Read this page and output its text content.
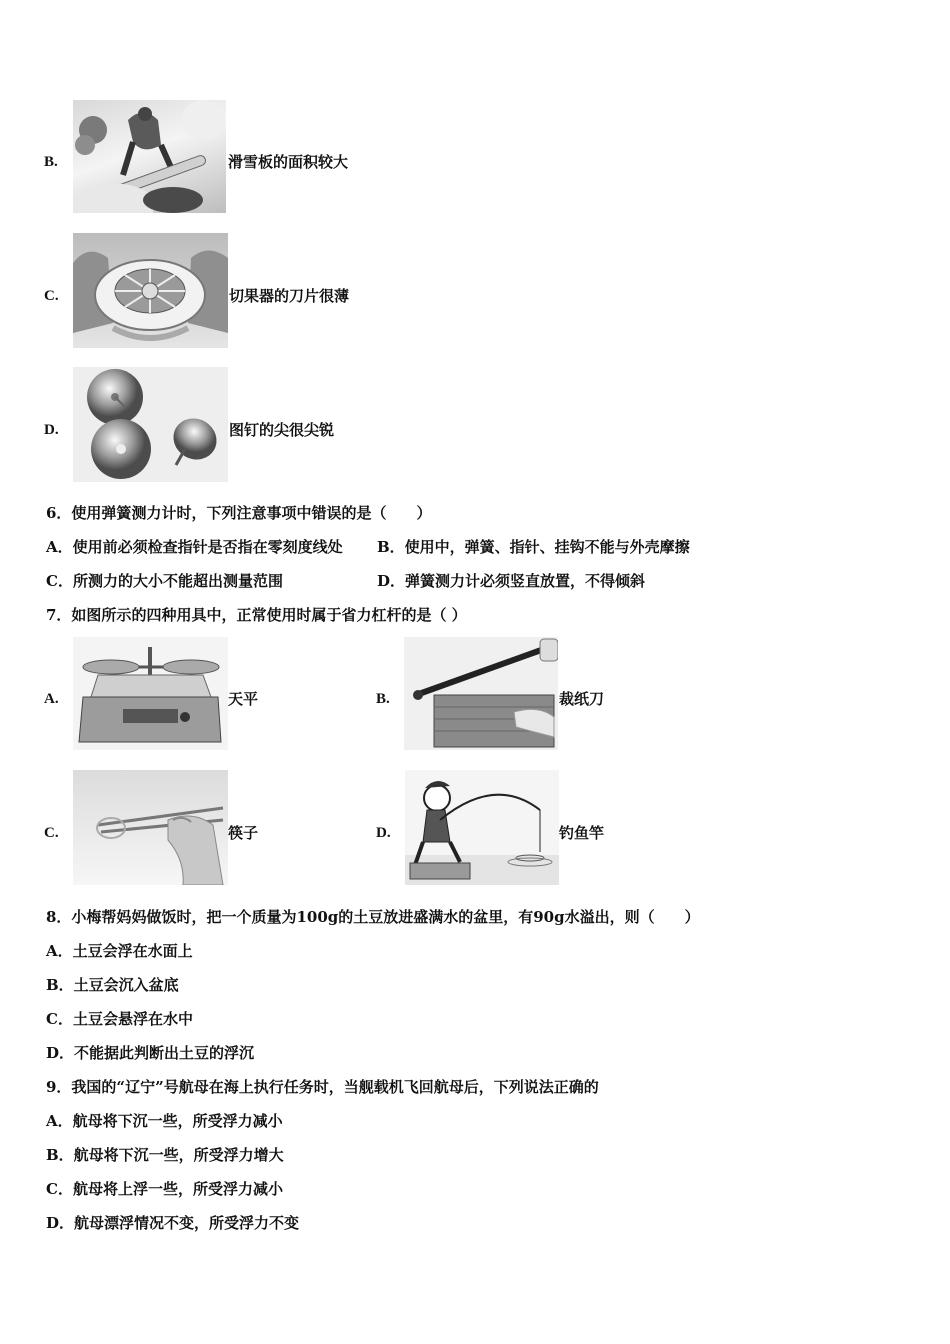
B.	滑雪板的面积较大
C.	切果器的刀片很薄
D.	图钉的尖很尖锐
6．使用弹簧测力计时，下列注意事项中错误的是（　　）
A．使用前必须检查指针是否指在零刻度线处 B．使用中，弹簧、指针、挂钩不能与外壳摩擦
C．所测力的大小不能超出测量范围	D．弹簧测力计必须竖直放置，不得倾斜
7．如图所示的四种用具中，正常使用时属于省力杠杆的是（ ）
A.	天平	B.	裁纸刀
C.	筷子	D.	钓鱼竿
8．小梅帮妈妈做饭时，把一个质量为100g的土豆放进盛满水的盆里，有90g水溢出，则（　　）
A．土豆会浮在水面上
B．土豆会沉入盆底
C．土豆会悬浮在水中
D．不能据此判断出土豆的浮沉
9．我国的“辽宁”号航母在海上执行任务时，当舰载机飞回航母后，下列说法正确的
A．航母将下沉一些，所受浮力减小
B．航母将下沉一些，所受浮力增大
C．航母将上浮一些，所受浮力减小
D．航母漂浮情况不变，所受浮力不变
